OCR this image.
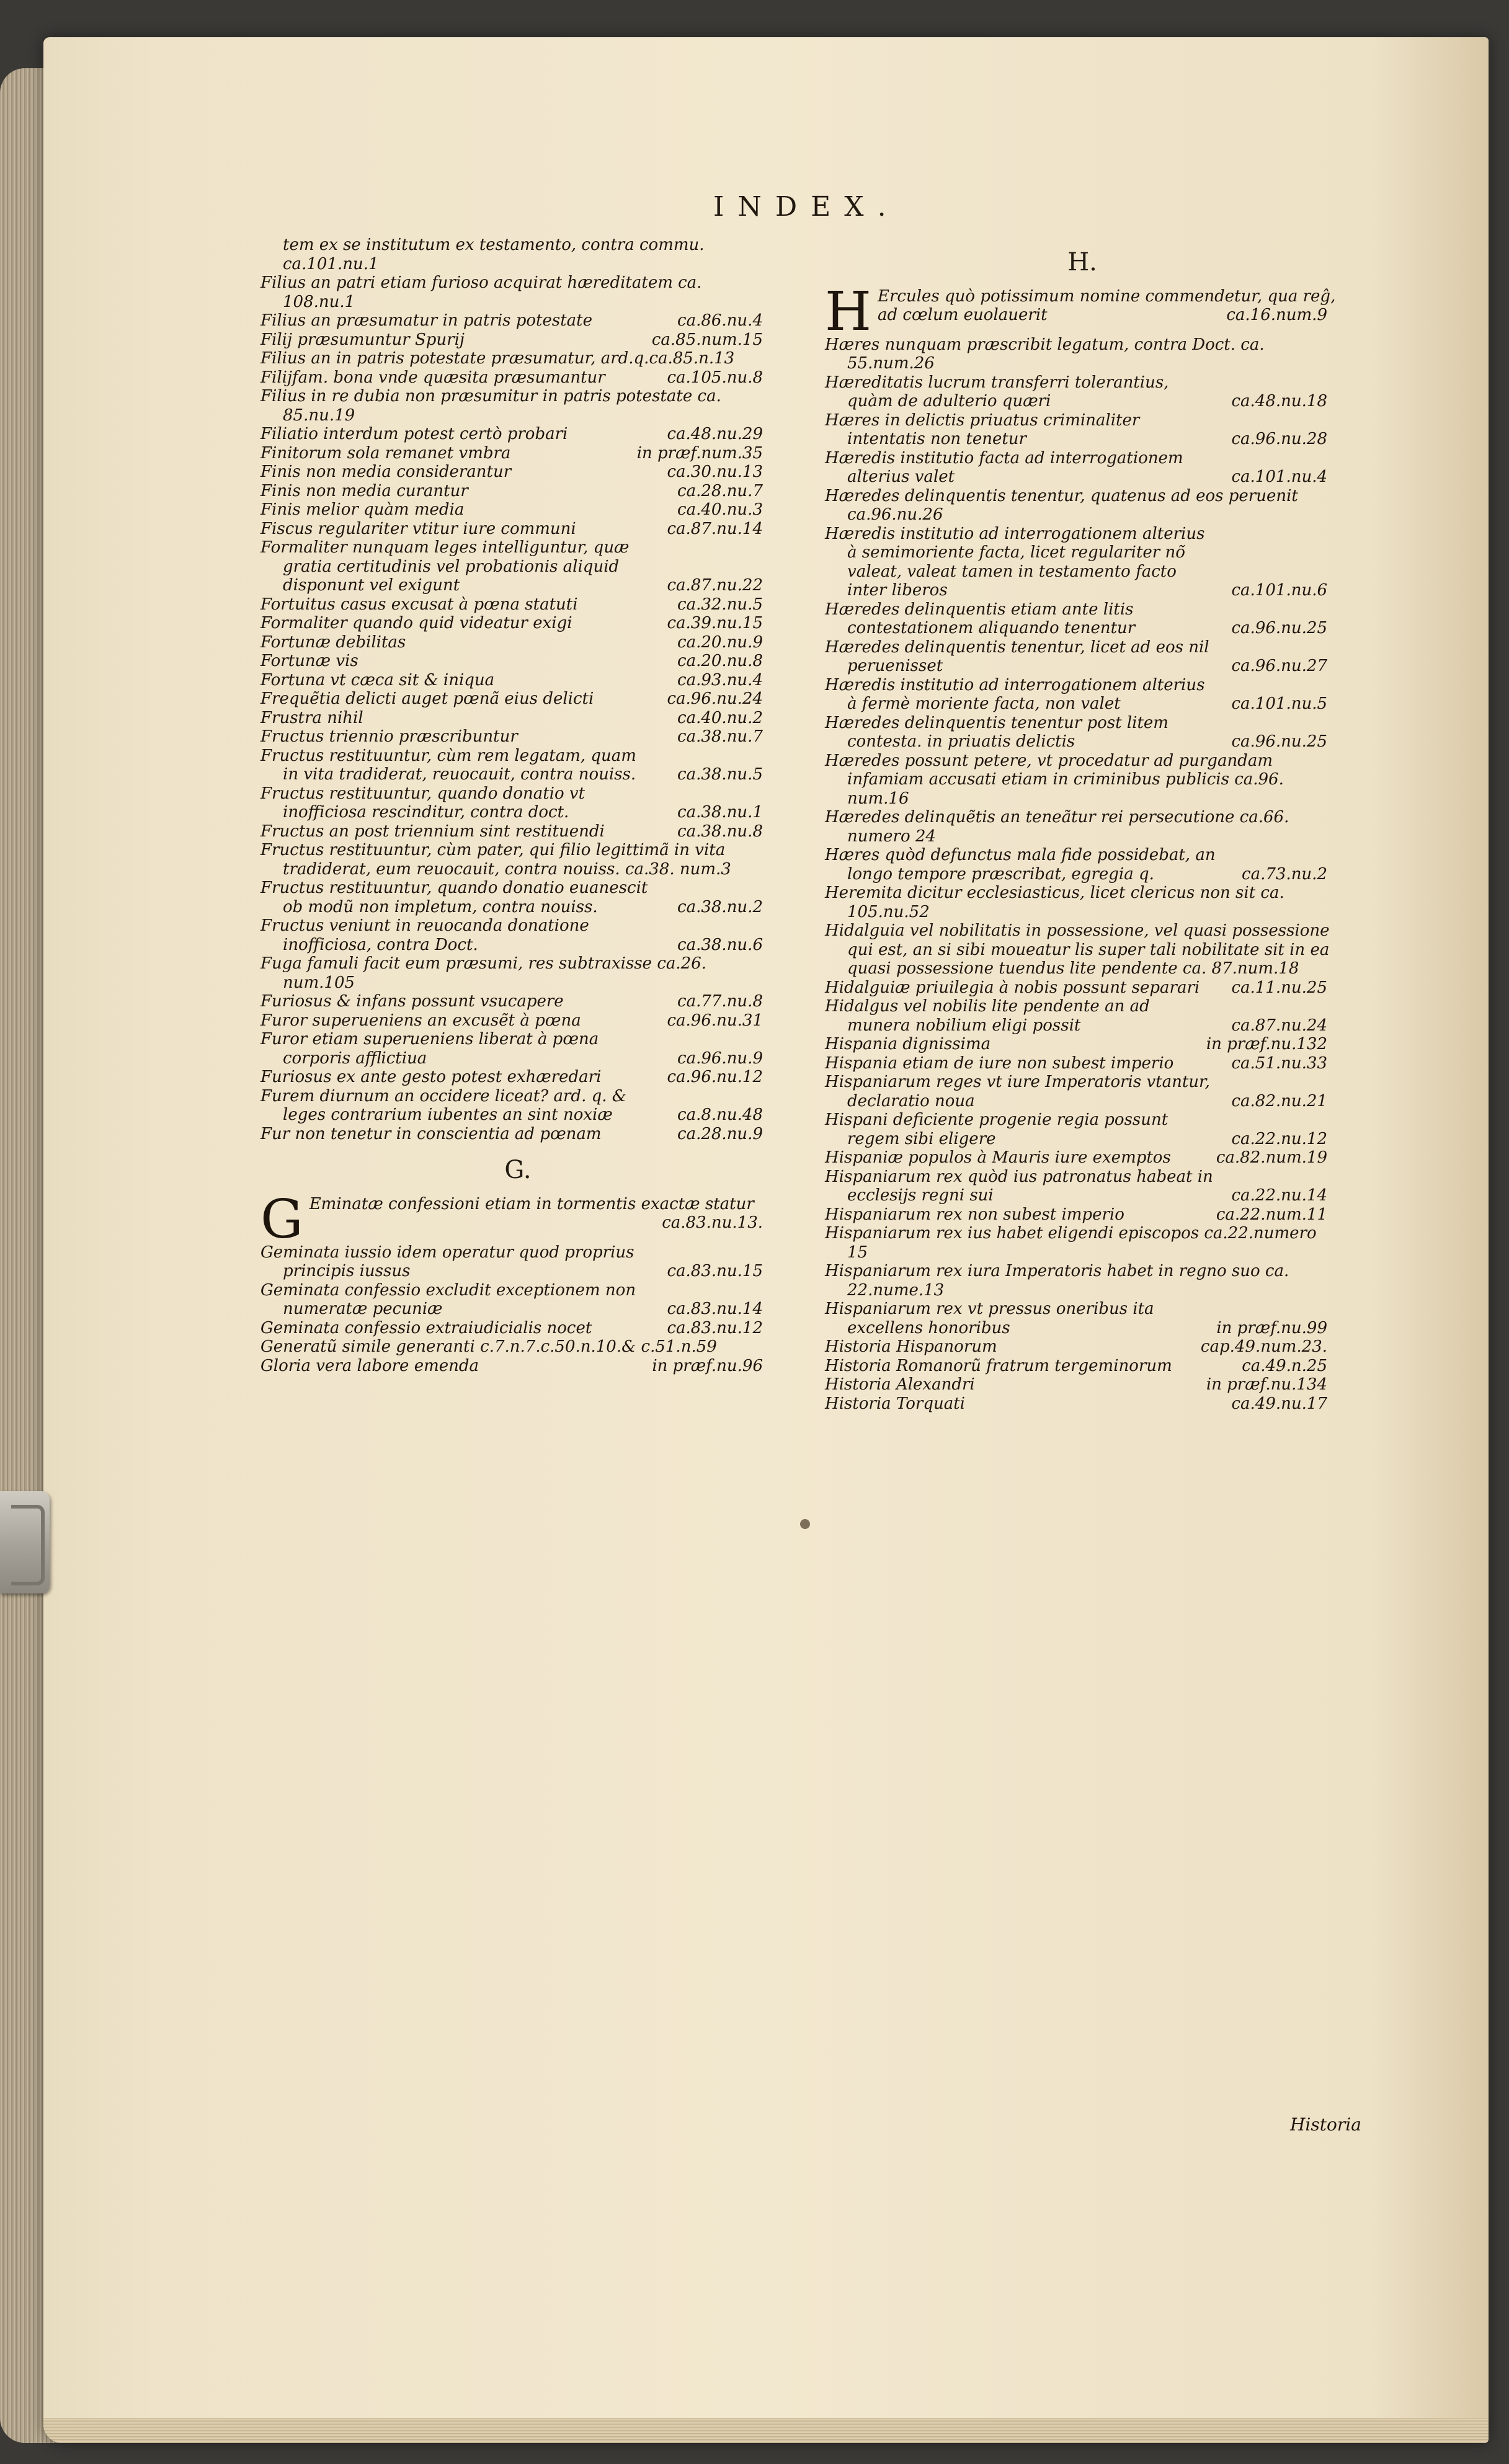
INDEX.
tem ex se institutum ex testamento, contra commu.
ca.101.nu.1
Filius an patri etiam furioso acquirat hæreditatem ca. 108.nu.1
Filius an præsumatur in patris potestate	ca.86.nu.4
Filij præsumuntur Spurij	ca.85.num.15
Filius an in patris potestate præsumatur, ard.q.ca.85.n.13
Filijfam. bona vnde quæsita præsumantur	ca.105.nu.8
Filius in re dubia non præsumitur in patris potestate ca. 85.nu.19
Filiatio interdum potest certò probari	ca.48.nu.29
Finitorum sola remanet vmbra	in præf.num.35
Finis non media considerantur	ca.30.nu.13
Finis non media curantur	ca.28.nu.7
Finis melior quàm media	ca.40.nu.3
Fiscus regulariter vtitur iure communi	ca.87.nu.14
Formaliter nunquam leges intelliguntur, quæ gratia certitudinis vel probationis aliquid disponunt vel exigunt	ca.87.nu.22
Fortuitus casus excusat à pœna statuti	ca.32.nu.5
Formaliter quando quid videatur exigi	ca.39.nu.15
Fortunæ debilitas	ca.20.nu.9
Fortunæ vis	ca.20.nu.8
Fortuna vt cæca sit & iniqua	ca.93.nu.4
Frequẽtia delicti auget pœnã eius delicti	ca.96.nu.24
Frustra nihil	ca.40.nu.2
Fructus triennio præscribuntur	ca.38.nu.7
Fructus restituuntur, cùm rem legatam, quam in vita tradiderat, reuocauit, contra nouiss.	ca.38.nu.5
Fructus restituuntur, quando donatio vt inofficiosa rescinditur, contra doct.	ca.38.nu.1
Fructus an post triennium sint restituendi	ca.38.nu.8
Fructus restituuntur, cùm pater, qui filio legittimã in vita tradiderat, eum reuocauit, contra nouiss. ca.38. num.3
Fructus restituuntur, quando donatio euanescit ob modũ non impletum, contra nouiss.	ca.38.nu.2
Fructus veniunt in reuocanda donatione inofficiosa, contra Doct.	ca.38.nu.6
Fuga famuli facit eum præsumi, res subtraxisse ca.26. num.105
Furiosus & infans possunt vsucapere	ca.77.nu.8
Furor superueniens an excusẽt à pœna	ca.96.nu.31
Furor etiam superueniens liberat à pœna corporis afflictiua	ca.96.nu.9
Furiosus ex ante gesto potest exhæredari	ca.96.nu.12
Furem diurnum an occidere liceat? ard. q. & leges contrarium iubentes an sint noxiæ	ca.8.nu.48
Fur non tenetur in conscientia ad pœnam	ca.28.nu.9
G.
G Eminatæ confessioni etiam in tormentis exactæ statur
ca.83.nu.13.
Geminata iussio idem operatur quod proprius principis iussus	ca.83.nu.15
Geminata confessio excludit exceptionem non numeratæ pecuniæ	ca.83.nu.14
Geminata confessio extraiudicialis nocet	ca.83.nu.12
Generatũ simile generanti c.7.n.7.c.50.n.10.& c.51.n.59
Gloria vera labore emenda	in præf.nu.96
H.
H Ercules quò potissimum nomine commendetur, qua reĝ, ad cœlum euolauerit	ca.16.num.9
Hæres nunquam præscribit legatum, contra Doct. ca. 55.num.26
Hæreditatis lucrum transferri tolerantius, quàm de adulterio quæri	ca.48.nu.18
Hæres in delictis priuatus criminaliter intentatis non tenetur	ca.96.nu.28
Hæredis institutio facta ad interrogationem alterius valet	ca.101.nu.4
Hæredes delinquentis tenentur, quatenus ad eos peruenit ca.96.nu.26
Hæredis institutio ad interrogationem alterius à semimoriente facta, licet regulariter nõ valeat, valeat tamen in testamento facto inter liberos	ca.101.nu.6
Hæredes delinquentis etiam ante litis contestationem aliquando tenentur	ca.96.nu.25
Hæredes delinquentis tenentur, licet ad eos nil peruenisset	ca.96.nu.27
Hæredis institutio ad interrogationem alterius à fermè moriente facta, non valet	ca.101.nu.5
Hæredes delinquentis tenentur post litem contesta. in priuatis delictis	ca.96.nu.25
Hæredes possunt petere, vt procedatur ad purgandam infamiam accusati etiam in criminibus publicis ca.96. num.16
Hæredes delinquẽtis an teneãtur rei persecutione ca.66. numero 24
Hæres quòd defunctus mala fide possidebat, an longo tempore præscribat, egregia q.	ca.73.nu.2
Heremita dicitur ecclesiasticus, licet clericus non sit ca. 105.nu.52
Hidalguia vel nobilitatis in possessione, vel quasi possessione qui est, an si sibi moueatur lis super tali nobilitate sit in ea quasi possessione tuendus lite pendente ca. 87.num.18
Hidalguiæ priuilegia à nobis possunt separari	ca.11.nu.25
Hidalgus vel nobilis lite pendente an ad munera nobilium eligi possit	ca.87.nu.24
Hispania dignissima	in præf.nu.132
Hispania etiam de iure non subest imperio	ca.51.nu.33
Hispaniarum reges vt iure Imperatoris vtantur, declaratio noua	ca.82.nu.21
Hispani deficiente progenie regia possunt regem sibi eligere	ca.22.nu.12
Hispaniæ populos à Mauris iure exemptos	ca.82.num.19
Hispaniarum rex quòd ius patronatus habeat in ecclesijs regni sui	ca.22.nu.14
Hispaniarum rex non subest imperio	ca.22.num.11
Hispaniarum rex ius habet eligendi episcopos ca.22.numero 15
Hispaniarum rex iura Imperatoris habet in regno suo ca. 22.nume.13
Hispaniarum rex vt pressus oneribus ita excellens honoribus	in præf.nu.99
Historia Hispanorum	cap.49.num.23.
Historia Romanorũ fratrum tergeminorum	ca.49.n.25
Historia Alexandri	in præf.nu.134
Historia Torquati	ca.49.nu.17
Historia
